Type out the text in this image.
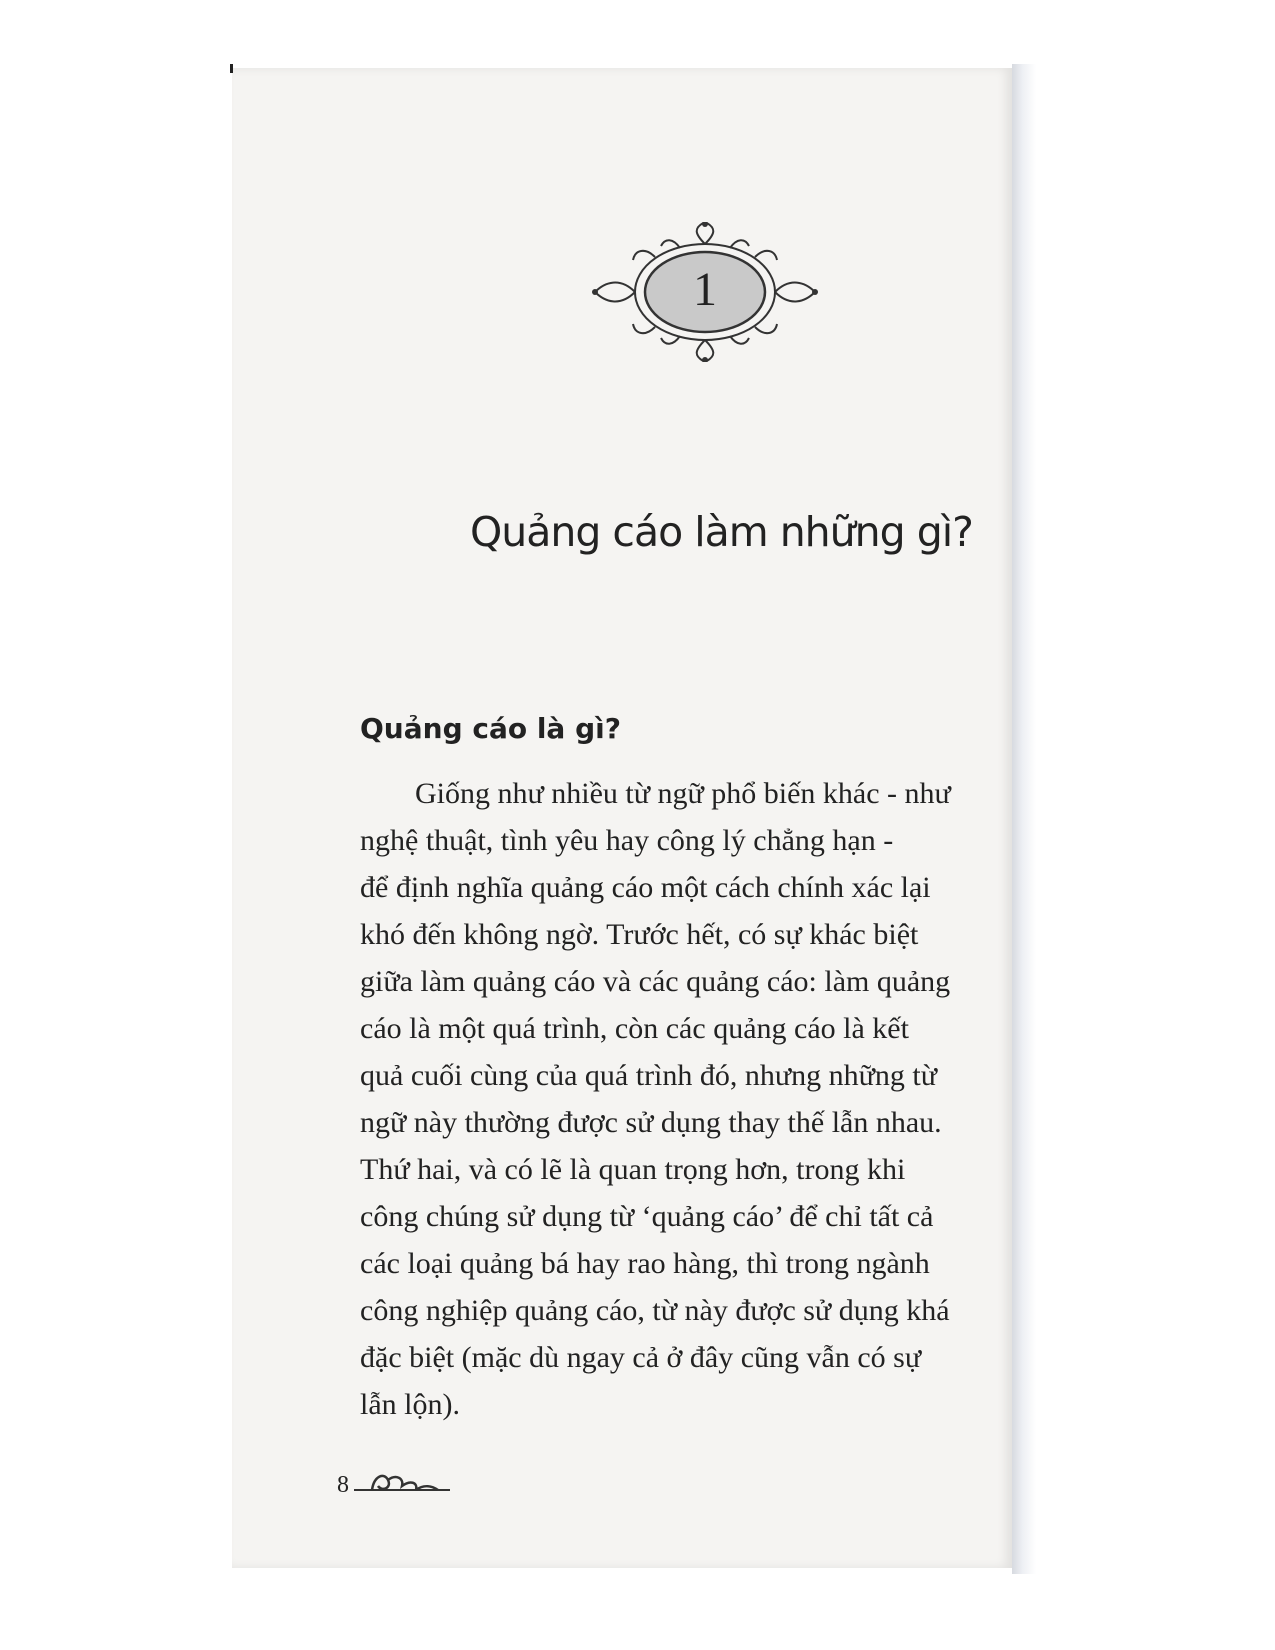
1
Quảng cáo làm những gì?
Quảng cáo là gì?
Giống như nhiều từ ngữ phổ biến khác - như
nghệ thuật, tình yêu hay công lý chẳng hạn -
để định nghĩa quảng cáo một cách chính xác lại
khó đến không ngờ. Trước hết, có sự khác biệt
giữa làm quảng cáo và các quảng cáo: làm quảng
cáo là một quá trình, còn các quảng cáo là kết
quả cuối cùng của quá trình đó, nhưng những từ
ngữ này thường được sử dụng thay thế lẫn nhau.
Thứ hai, và có lẽ là quan trọng hơn, trong khi
công chúng sử dụng từ ‘quảng cáo’ để chỉ tất cả
các loại quảng bá hay rao hàng, thì trong ngành
công nghiệp quảng cáo, từ này được sử dụng khá
đặc biệt (mặc dù ngay cả ở đây cũng vẫn có sự
lẫn lộn).
8
